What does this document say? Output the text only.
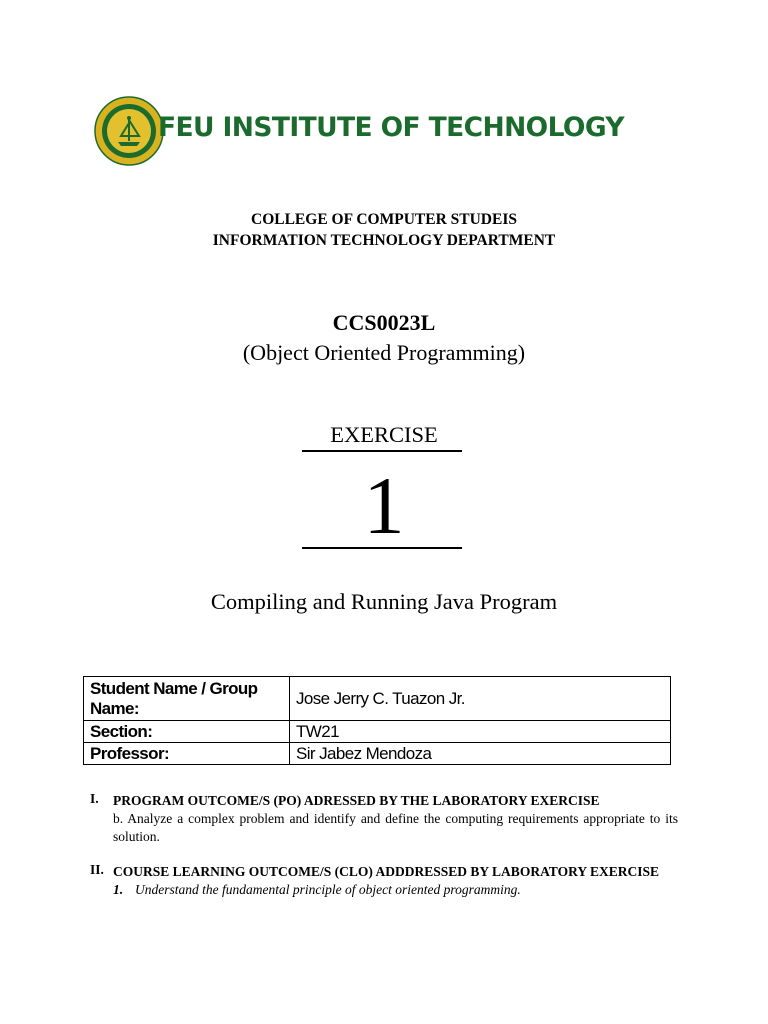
FEU INSTITUTE OF TECHNOLOGY
COLLEGE OF COMPUTER STUDEIS
INFORMATION TECHNOLOGY DEPARTMENT
CCS0023L
(Object Oriented Programming)
EXERCISE
1
Compiling and Running Java Program
Student Name / Group Name:	Jose Jerry C. Tuazon Jr.
Section:	TW21
Professor:	Sir Jabez Mendoza
I. PROGRAM OUTCOME/S (PO) ADRESSED BY THE LABORATORY EXERCISE
b. Analyze a complex problem and identify and define the computing requirements appropriate to its solution.
II. COURSE LEARNING OUTCOME/S (CLO) ADDDRESSED BY LABORATORY EXERCISE
1. Understand the fundamental principle of object oriented programming.
